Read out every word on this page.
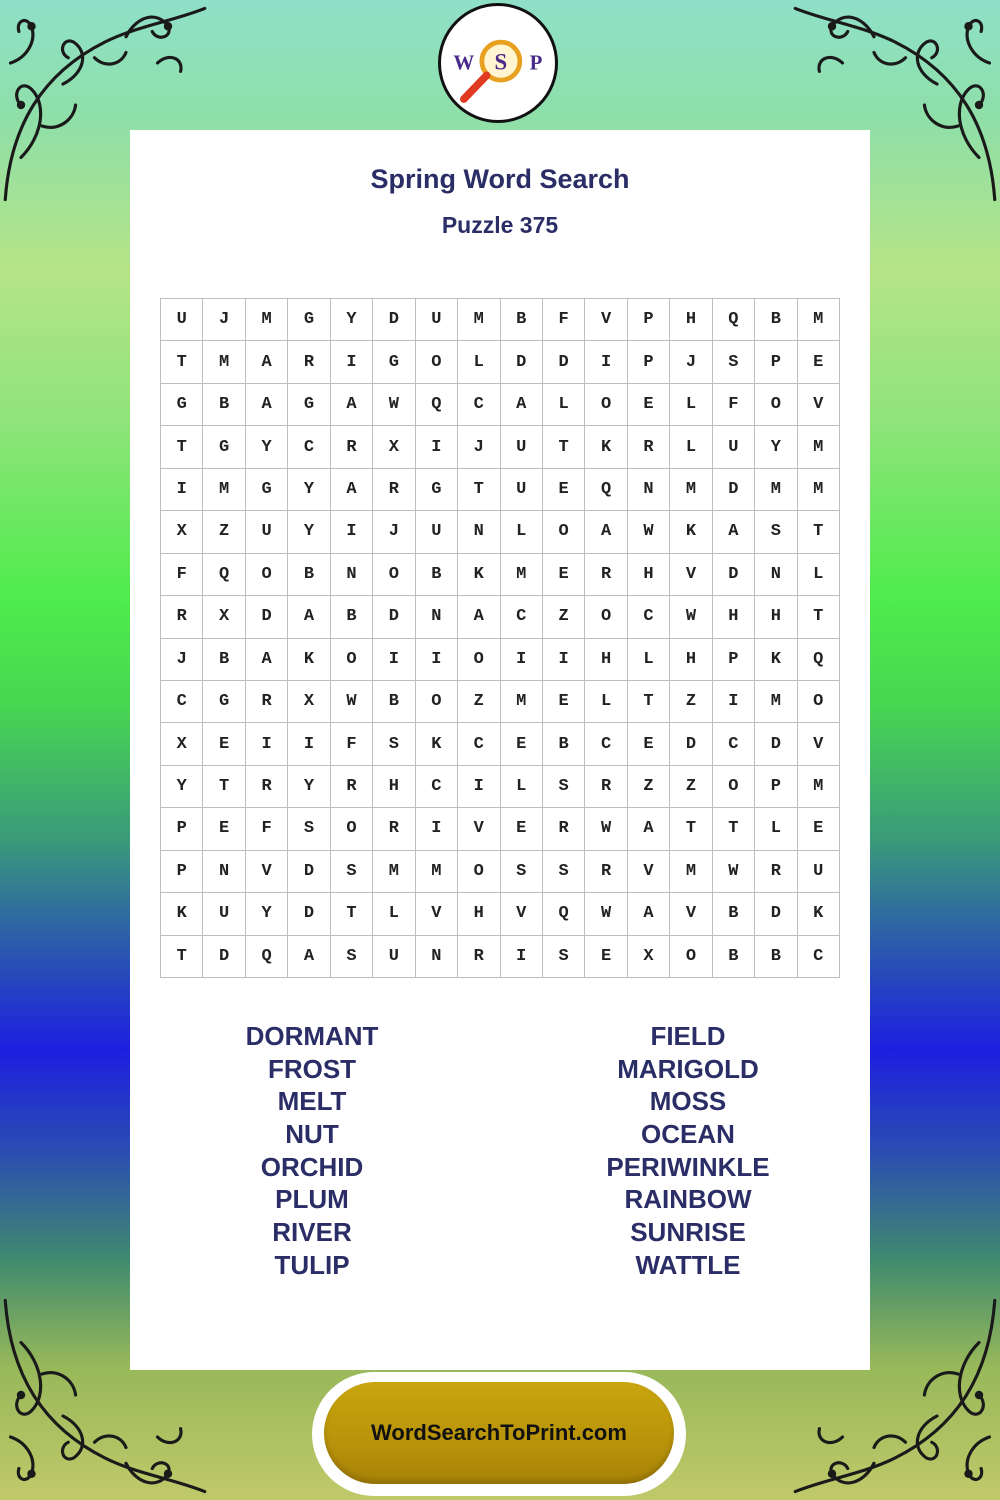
Spring Word Search
Puzzle 375
U	J	M	G	Y	D	U	M	B	F	V	P	H	Q	B	M
T	M	A	R	I	G	O	L	D	D	I	P	J	S	P	E
G	B	A	G	A	W	Q	C	A	L	O	E	L	F	O	V
T	G	Y	C	R	X	I	J	U	T	K	R	L	U	Y	M
I	M	G	Y	A	R	G	T	U	E	Q	N	M	D	M	M
X	Z	U	Y	I	J	U	N	L	O	A	W	K	A	S	T
F	Q	O	B	N	O	B	K	M	E	R	H	V	D	N	L
R	X	D	A	B	D	N	A	C	Z	O	C	W	H	H	T
J	B	A	K	O	I	I	O	I	I	H	L	H	P	K	Q
C	G	R	X	W	B	O	Z	M	E	L	T	Z	I	M	O
X	E	I	I	F	S	K	C	E	B	C	E	D	C	D	V
Y	T	R	Y	R	H	C	I	L	S	R	Z	Z	O	P	M
P	E	F	S	O	R	I	V	E	R	W	A	T	T	L	E
P	N	V	D	S	M	M	O	S	S	R	V	M	W	R	U
K	U	Y	D	T	L	V	H	V	Q	W	A	V	B	D	K
T	D	Q	A	S	U	N	R	I	S	E	X	O	B	B	C
DORMANT
FROST
MELT
NUT
ORCHID
PLUM
RIVER
TULIP
FIELD
MARIGOLD
MOSS
OCEAN
PERIWINKLE
RAINBOW
SUNRISE
WATTLE
W S P
WordSearchToPrint.com
